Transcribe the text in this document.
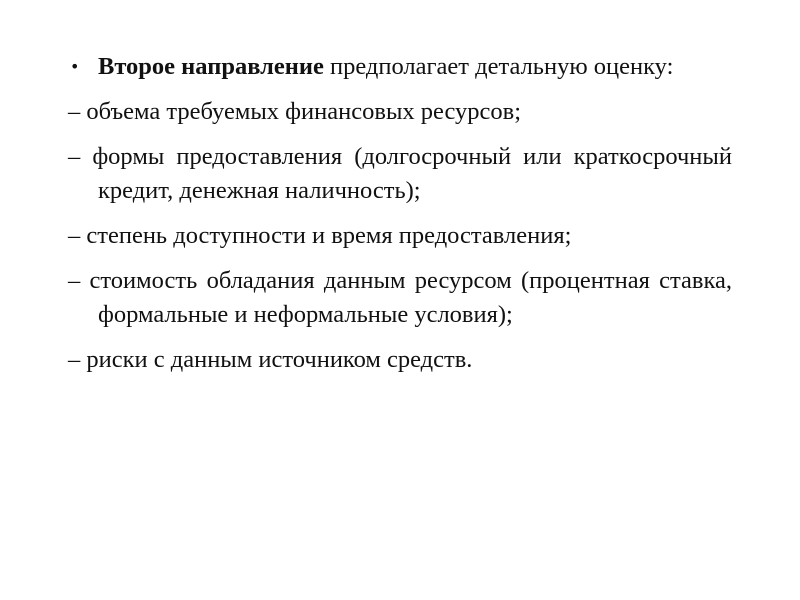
• Второе направление предполагает детальную оценку:

– объема требуемых финансовых ресурсов;

– формы предоставления (долгосрочный или краткосрочный кредит, денежная наличность);

– степень доступности и время предоставления;

– стоимость обладания данным ресурсом (процентная ставка, формальные и неформальные условия);

– риски с данным источником средств.
